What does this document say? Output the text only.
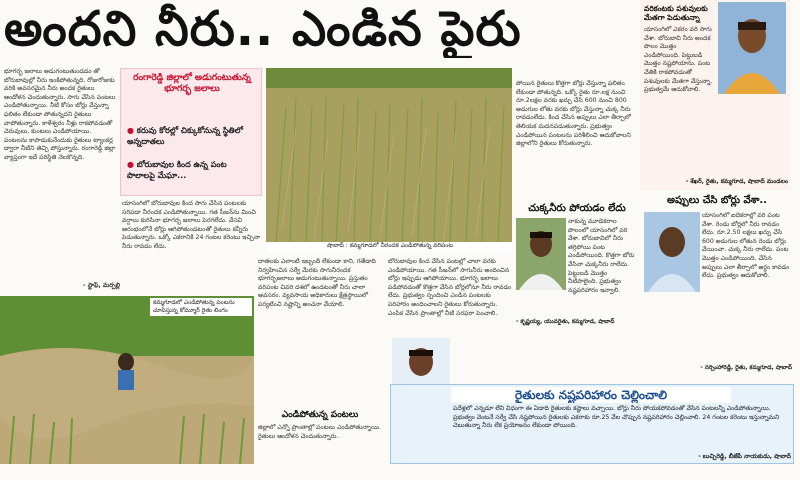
అందని నీరు.. ఎండిన పైరు
భూగర్భ జలాలు అడుగంటుతుండడం తో బోరుబావుల్లో నీరు ఇంకిపోతున్నది. రోజురోజుకు వరికి అవసరమైన నీరు అందక రైతులు ఆందోళన చెందుతున్నారు. సాగు చేసిన పంటలు ఎండిపోతున్నాయి. నీటి కోసం బోర్లు వేస్తున్నా ఫలితం లేకుండా పోతున్నదని రైతులు వాపోతున్నారు. కాళేశ్వరం నీళ్లు రాకపోవడంతో చెరువులు, కుంటలు ఎండిపోయాయి. పంటలను కాపాడుకునేందుకు రైతులు ట్యాంకర్ల ద్వారా నీటిని తెచ్చి పోస్తున్నారు. రంగారెడ్డి జిల్లా వ్యాప్తంగా ఇదే పరిస్థితి నెలకొన్నది.
- స్టాఫ్, మర్పల్లి
రంగారెడ్డి జిల్లాలో అడుగంటుతున్న భూగర్భ జలాలు
● కరువు కోరల్లో చిక్కుకోనున్న స్థితిలో అన్నదాతలు
● బోరుబావుల కింద ఉన్న పంట పొలాలపై మేఘా...
యాసంగిలో బోరుబావుల కింద సాగు చేసిన పంటలకు సరిపడా నీరందక ఎండిపోతున్నాయి. గత సీజన్‌ను మించి వర్షాలు కురిసినా భూగర్భ జలాలు పెరగలేదు. వేసవి ఆరంభంలోనే బోర్లు ఆగిపోతుండటంతో రైతులు కన్నీరు పెడుతున్నారు. ఒక్కో ఎకరానికి 24 గంటల కరెంటు ఇచ్చినా నీరు రావడం లేదు.	షాబాద్ : కమ్మగూడలో నీరందక ఎండిపోతున్న వరిపంట
పోయిన రైతులు కొత్తగా బోర్లు వేస్తున్నా ఫలితం లేకుండా పోతున్నది. ఒక్కో రైతు రూ.లక్ష నుంచి రూ.2లక్షల వరకు ఖర్చు చేసి 600 నుంచి 800 అడుగుల లోతు వరకు బోర్లు వేస్తున్నా చుక్క నీరు రావడంలేదు. కింద చేసిన అప్పులు ఎలా తీర్చాలో తెలియక మదనపడుతున్నారు. ప్రభుత్వం ఎండిపోయిన పంటలను పరిశీలించి ఆదుకోవాలని జిల్లాలోని రైతులు కోరుతున్నారు.
వరికంటకు పశువులకు మేతగా పెడుతున్నా
యాసంగిలో ఎకరం వరి సాగు చేశా. బోరుబావి నీరు అందక పొలం మొత్తం ఎండిపోయింది. పెట్టుబడి మొత్తం నష్టపోయాను. పంట చేతికి రాకపోవడంతో పశువులకు మేతగా వేస్తున్నా. ప్రభుత్వమే ఆదుకోవాలి.
- శేఖర్, రైతు, కమ్మగూడ, షాబాద్ మండలం
చుక్కనీరు పోయడం లేదు
నాకున్న మూడెకరాల పొలంలో యాసంగిలో వరి వేశా. బోరుబావిలో నీరు తగ్గిపోయి పంట ఎండిపోయింది. కొత్తగా బోరు వేసినా చుక్కనీరు రాలేదు. పెట్టుబడి మొత్తం నీటిపాలైంది. ప్రభుత్వం నష్టపరిహారం ఇవ్వాలి.
- కృష్ణయ్య, యువరైతు, కమ్మగూడ, షాబాద్
అప్పులు చేసి బోర్లు వేశా..
యాసంగిలో ఐదెకరాల్లో వరి పంట వేశా. రెండు బోర్లలో నీరు రావడం లేదు. రూ.2.50 లక్షలు ఖర్చు చేసి 600 అడుగుల లోతున రెండు బోర్లు వేయించా. చుక్క నీరు రాలేదు. పంట మొత్తం ఎండిపోయింది. చేసిన అప్పులు ఎలా తీర్చాలో అర్థం కావడం లేదు. ప్రభుత్వం ఆదుకోవాలి.
- నర్సింహారెడ్డి, రైతు, కమ్మగూడ, షాబాద్
కమ్మగూడలో ఎండిపోతున్న పంటను చూపిస్తున్న కోమ్మూర్ రైతు లింగం
దాతలకు ఎలాంటి ఇబ్బందీ లేకుండా కాని, గతేడాది నిర్వహించిన సర్వే మేరకు సాగునీరందక భూగర్భజలాలు అడుగంటుతున్నాయి. ప్రస్తుతం వరిపంట చివరి దశలో ఉండటంతో నీరు చాలా అవసరం. వ్యవసాయ అధికారులు క్షేత్రస్థాయిలో పర్యటించి నష్టాన్ని అంచనా వేయాలి.
ఎండిపోతున్న పంటలు
జిల్లాలో ఎన్నో ప్రాంతాల్లో పంటలు ఎండిపోతున్నాయి. రైతులు ఆందోళన చెందుతున్నారు.
బోరుబావుల కింద వేసిన పంటల్లో చాలా వరకు ఎండిపోయాయి. గత సీజన్‌లో సాగునీరు అందించిన బోర్లు ఇప్పుడు ఆగిపోయాయి. భూగర్భ జలాలు పడిపోవడంతో కొత్తగా వేసిన బోర్లలోనూ నీరు రావడం లేదు. ప్రభుత్వం స్పందించి ఎండిన పంటలకు పరిహారం అందించాలని రైతులు కోరుతున్నారు. ఎంపిక చేసిన ప్రాంతాల్లో నీటి సరఫరా పెంచాలి.
రైతులకు నష్టపరిహారం చెల్లించాలి
పదేళ్లలో ఎన్నడూ లేని విధంగా ఈ ఏడాది రైతులకు కష్టాలు వచ్చాయి. బోర్లు నీరు పోయకపోవడంతో వేసిన పంటలన్నీ ఎండిపోతున్నాయి. ప్రభుత్వం వెంటనే సర్వే చేసి నష్టపోయిన రైతులకు ఎకరాకు రూ.25 వేల చొప్పున నష్టపరిహారం చెల్లించాలి. 24 గంటల కరెంటు ఇస్తున్నామని చెబుతున్నా నీరు లేక ప్రయోజనం లేకుండా పోయింది.
- బుచ్చిరెడ్డి, బీజేపీ నాయకుడు, షాబాద్
